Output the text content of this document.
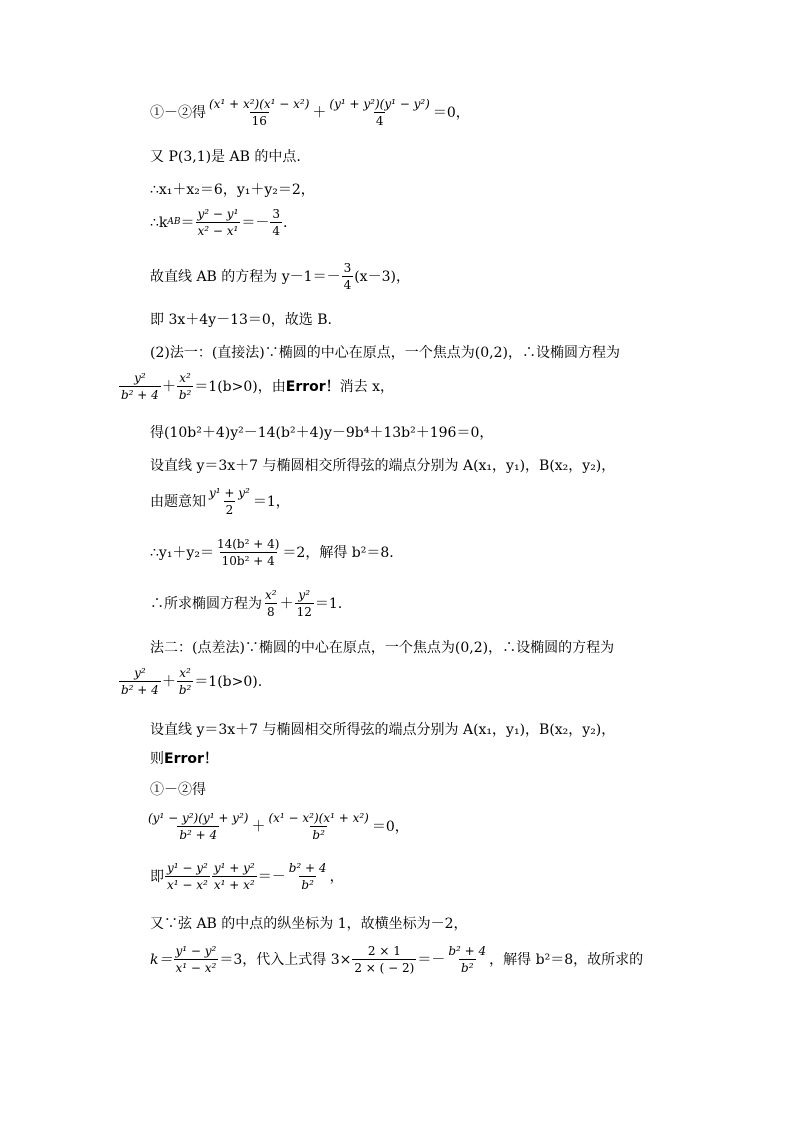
①－②得 $\frac{\text{(x¹ + x²)(x¹ − x²)}}{16} + \frac{\text{(y¹ + y²)(y¹ − y²)}}{4} =0$，
又 P(3,1)是 AB 的中点.
∴x₁＋x₂＝6，y₁＋y₂＝2，
∴k AB ＝ $\frac{\text{y² − y¹}}{\text{x² − x¹}} =- \frac{3}{4}$ .
故直线 AB 的方程为 $y-1=- \frac{3}{4} (x-3)$，
即 3x＋4y－13＝0，故选 B.
(2)法一：(直接法)∵椭圆的中心在原点，一个焦点为(0,2)，∴设椭圆方程为
$\frac{\text{y²}}{\text{b² + 4}} + \frac{\text{x²}}{\text{b²}} =1(b>0)$，由 Error！ 消去 x，
得(10b²＋4)y²－14(b²＋4)y－9b⁴＋13b²＋196＝0，
设直线 y＝3x＋7 与椭圆相交所得弦的端点分别为 A(x₁，y₁)，B(x₂，y₂)，
由题意知 $\frac{\text{y¹ + y²}}{2} =1$，
∴y₁＋y₂＝ $\frac{\text{14(b² + 4)}}{\text{10b² + 4}} =2$，解得 b²＝8.
∴所求椭圆方程为 $\frac{\text{x²}}{8} + \frac{\text{y²}}{12} =1$.
法二：(点差法)∵椭圆的中心在原点，一个焦点为(0,2)，∴设椭圆的方程为
$\frac{\text{y²}}{\text{b² + 4}} + \frac{\text{x²}}{\text{b²}} =1(b>0)$.
设直线 y＝3x＋7 与椭圆相交所得弦的端点分别为 A(x₁，y₁)，B(x₂，y₂)，
则 Error！
①－②得
$\frac{\text{(y¹ − y²)(y¹ + y²)}}{\text{b² + 4}} + \frac{\text{(x¹ − x²)(x¹ + x²)}}{\text{b²}} =0$，
即 $\frac{\text{y¹ − y²}}{\text{x¹ − x²}} \frac{\text{y¹ + y²}}{\text{x¹ + x²}} =- \frac{\text{b² + 4}}{\text{b²}}$ ，
又∵弦 AB 的中点的纵坐标为 1，故横坐标为－2，
$k= \frac{\text{y¹ − y²}}{\text{x¹ − x²}} =3$，代入上式得 $3\times \frac{2 \times 1}{2 \times ( - 2)} =- \frac{\text{b² + 4}}{\text{b²}}$ ，解得 b²＝8，故所求的
